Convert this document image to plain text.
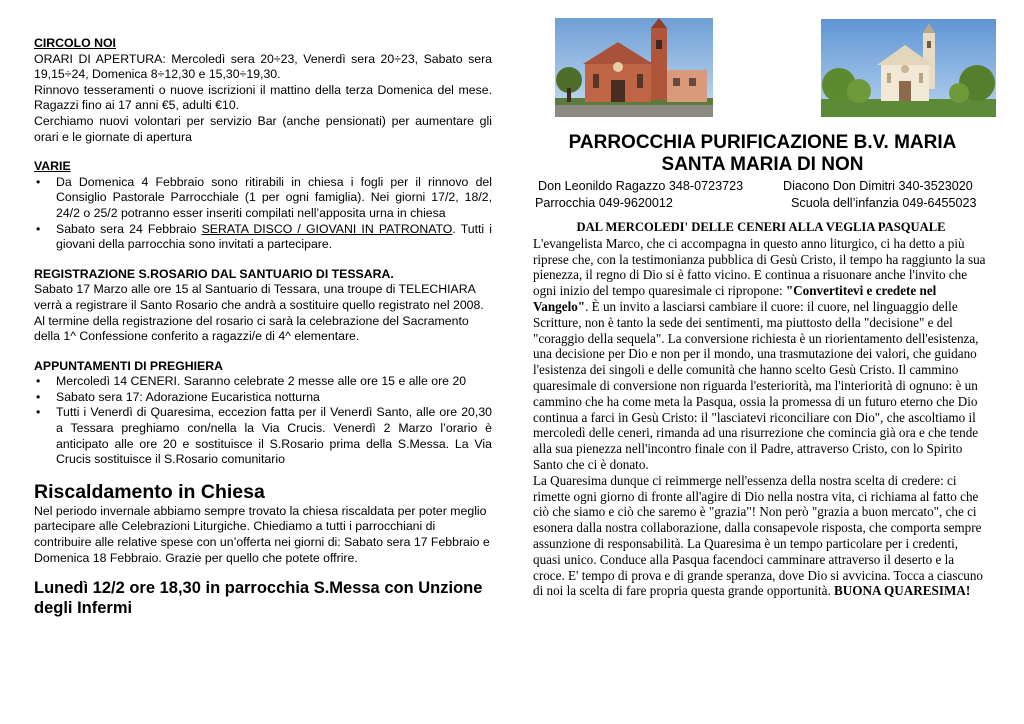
CIRCOLO NOI

ORARI DI APERTURA: Mercoledì sera 20÷23, Venerdì sera 20÷23, Sabato sera 19,15÷24, Domenica 8÷12,30 e 15,30÷19,30.

Rinnovo tesseramenti o nuove iscrizioni il mattino della terza Domenica del mese. Ragazzi fino ai 17 anni €5, adulti €10.

Cerchiamo nuovi volontari per servizio Bar (anche pensionati) per aumentare gli orari e le giornate di apertura

VARIE

• Da Domenica 4 Febbraio sono ritirabili in chiesa i fogli per il rinnovo del Consiglio Pastorale Parrocchiale (1 per ogni famiglia). Nei giorni 17/2, 18/2, 24/2 o 25/2 potranno esser inseriti compilati nell’apposita urna in chiesa
• Sabato sera 24 Febbraio SERATA DISCO / GIOVANI IN PATRONATO. Tutti i giovani della parrocchia sono invitati a partecipare.

REGISTRAZIONE S.ROSARIO DAL SANTUARIO DI TESSARA.

Sabato 17 Marzo alle ore 15 al Santuario di Tessara, una troupe di TELECHIARA verrà a registrare il Santo Rosario che andrà a sostituire quello registrato nel 2008. Al termine della registrazione del rosario ci sarà la celebrazione del Sacramento della 1^ Confessione conferito a ragazzi/e di 4^ elementare.

APPUNTAMENTI DI PREGHIERA

• Mercoledì 14 CENERI. Saranno celebrate 2 messe alle ore 15 e alle ore 20
• Sabato sera 17: Adorazione Eucaristica notturna
• Tutti i Venerdì di Quaresima, eccezion fatta per il Venerdì Santo, alle ore 20,30 a Tessara preghiamo con/nella la Via Crucis. Venerdì 2 Marzo l’orario è anticipato alle ore 20 e sostituisce il S.Rosario prima della S.Messa. La Via Crucis sostituisce il S.Rosario comunitario

Riscaldamento in Chiesa

Nel periodo invernale abbiamo sempre trovato la chiesa riscaldata per poter meglio partecipare alle Celebrazioni Liturgiche. Chiediamo a tutti i parrocchiani di contribuire alle relative spese con un’offerta nei giorni di: Sabato sera 17 Febbraio e Domenica 18 Febbraio. Grazie per quello che potete offrire.

Lunedì 12/2 ore 18,30 in parrocchia S.Messa con Unzione degli Infermi

PARROCCHIA PURIFICAZIONE B.V. MARIA
SANTA MARIA DI NON
Don Leonildo Ragazzo 348-0723723	Diacono Don Dimitri 340-3523020
Parrocchia 049-9620012	Scuola dell’infanzia 049-6455023

DAL MERCOLEDI' DELLE CENERI ALLA VEGLIA PASQUALE

L'evangelista Marco, che ci accompagna in questo anno liturgico, ci ha detto a più riprese che, con la testimonianza pubblica di Gesù Cristo, il tempo ha raggiunto la sua pienezza, il regno di Dio si è fatto vicino. E continua a risuonare anche l'invito che ogni inizio del tempo quaresimale ci ripropone: "Convertitevi e credete nel Vangelo". È un invito a lasciarsi cambiare il cuore: il cuore, nel linguaggio delle Scritture, non è tanto la sede dei sentimenti, ma piuttosto della "decisione" e del "coraggio della sequela". La conversione richiesta è un riorientamento dell'esistenza, una decisione per Dio e non per il mondo, una trasmutazione dei valori, che guidano l'esistenza dei singoli e delle comunità che hanno scelto Gesù Cristo. Il cammino quaresimale di conversione non riguarda l'esteriorità, ma l'interiorità di ognuno: è un cammino che ha come meta la Pasqua, ossia la promessa di un futuro eterno che Dio continua a farci in Gesù Cristo: il "lasciatevi riconciliare con Dio", che ascoltiamo il mercoledì delle ceneri, rimanda ad una risurrezione che comincia già ora e che tende alla sua pienezza nell'incontro finale con il Padre, attraverso Cristo, con lo Spirito Santo che ci è donato.

La Quaresima dunque ci reimmerge nell'essenza della nostra scelta di credere: ci rimette ogni giorno di fronte all'agire di Dio nella nostra vita, ci richiama al fatto che ciò che siamo e ciò che saremo è "grazia"! Non però "grazia a buon mercato", che ci esonera dalla nostra collaborazione, dalla consapevole risposta, che comporta sempre assunzione di responsabilità. La Quaresima è un tempo particolare per i credenti, quasi unico. Conduce alla Pasqua facendoci camminare attraverso il deserto e la croce. E' tempo di prova e di grande speranza, dove Dio si avvicina. Tocca a ciascuno di noi la scelta di fare propria questa grande opportunità. BUONA QUARESIMA!
